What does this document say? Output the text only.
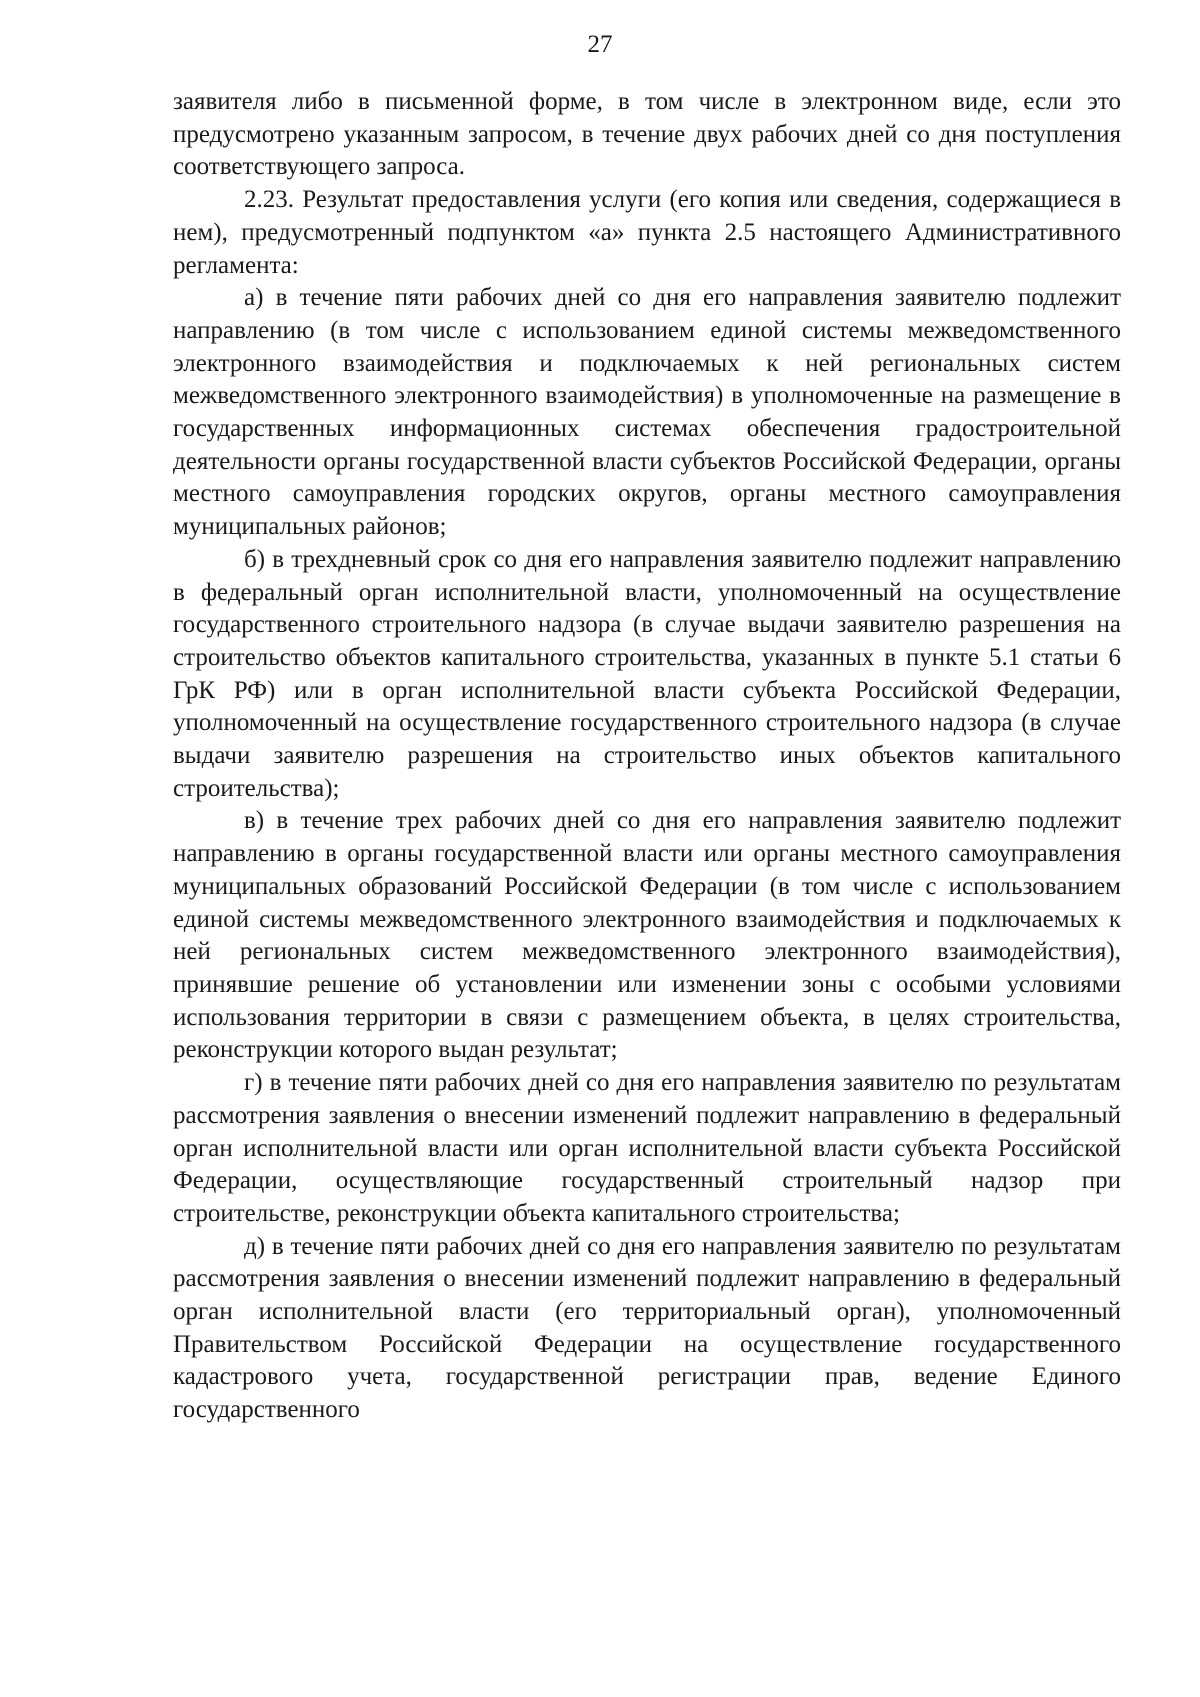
27

заявителя либо в письменной форме, в том числе в электронном виде, если это предусмотрено указанным запросом, в течение двух рабочих дней со дня поступления соответствующего запроса.

2.23. Результат предоставления услуги (его копия или сведения, содержащиеся в нем), предусмотренный подпунктом «а» пункта 2.5 настоящего Административного регламента:

а) в течение пяти рабочих дней со дня его направления заявителю подлежит направлению (в том числе с использованием единой системы межведомственного электронного взаимодействия и подключаемых к ней региональных систем межведомственного электронного взаимодействия) в уполномоченные на размещение в государственных информационных системах обеспечения градостроительной деятельности органы государственной власти субъектов Российской Федерации, органы местного самоуправления городских округов, органы местного самоуправления муниципальных районов;

б) в трехдневный срок со дня его направления заявителю подлежит направлению в федеральный орган исполнительной власти, уполномоченный на осуществление государственного строительного надзора (в случае выдачи заявителю разрешения на строительство объектов капитального строительства, указанных в пункте 5.1 статьи 6 ГрК РФ) или в орган исполнительной власти субъекта Российской Федерации, уполномоченный на осуществление государственного строительного надзора (в случае выдачи заявителю разрешения на строительство иных объектов капитального строительства);

в) в течение трех рабочих дней со дня его направления заявителю подлежит направлению в органы государственной власти или органы местного самоуправления муниципальных образований Российской Федерации (в том числе с использованием единой системы межведомственного электронного взаимодействия и подключаемых к ней региональных систем межведомственного электронного взаимодействия), принявшие решение об установлении или изменении зоны с особыми условиями использования территории в связи с размещением объекта, в целях строительства, реконструкции которого выдан результат;

г) в течение пяти рабочих дней со дня его направления заявителю по результатам рассмотрения заявления о внесении изменений подлежит направлению в федеральный орган исполнительной власти или орган исполнительной власти субъекта Российской Федерации, осуществляющие государственный строительный надзор при строительстве, реконструкции объекта капитального строительства;

д) в течение пяти рабочих дней со дня его направления заявителю по результатам рассмотрения заявления о внесении изменений подлежит направлению в федеральный орган исполнительной власти (его территориальный орган), уполномоченный Правительством Российской Федерации на осуществление государственного кадастрового учета, государственной регистрации прав, ведение Единого государственного
